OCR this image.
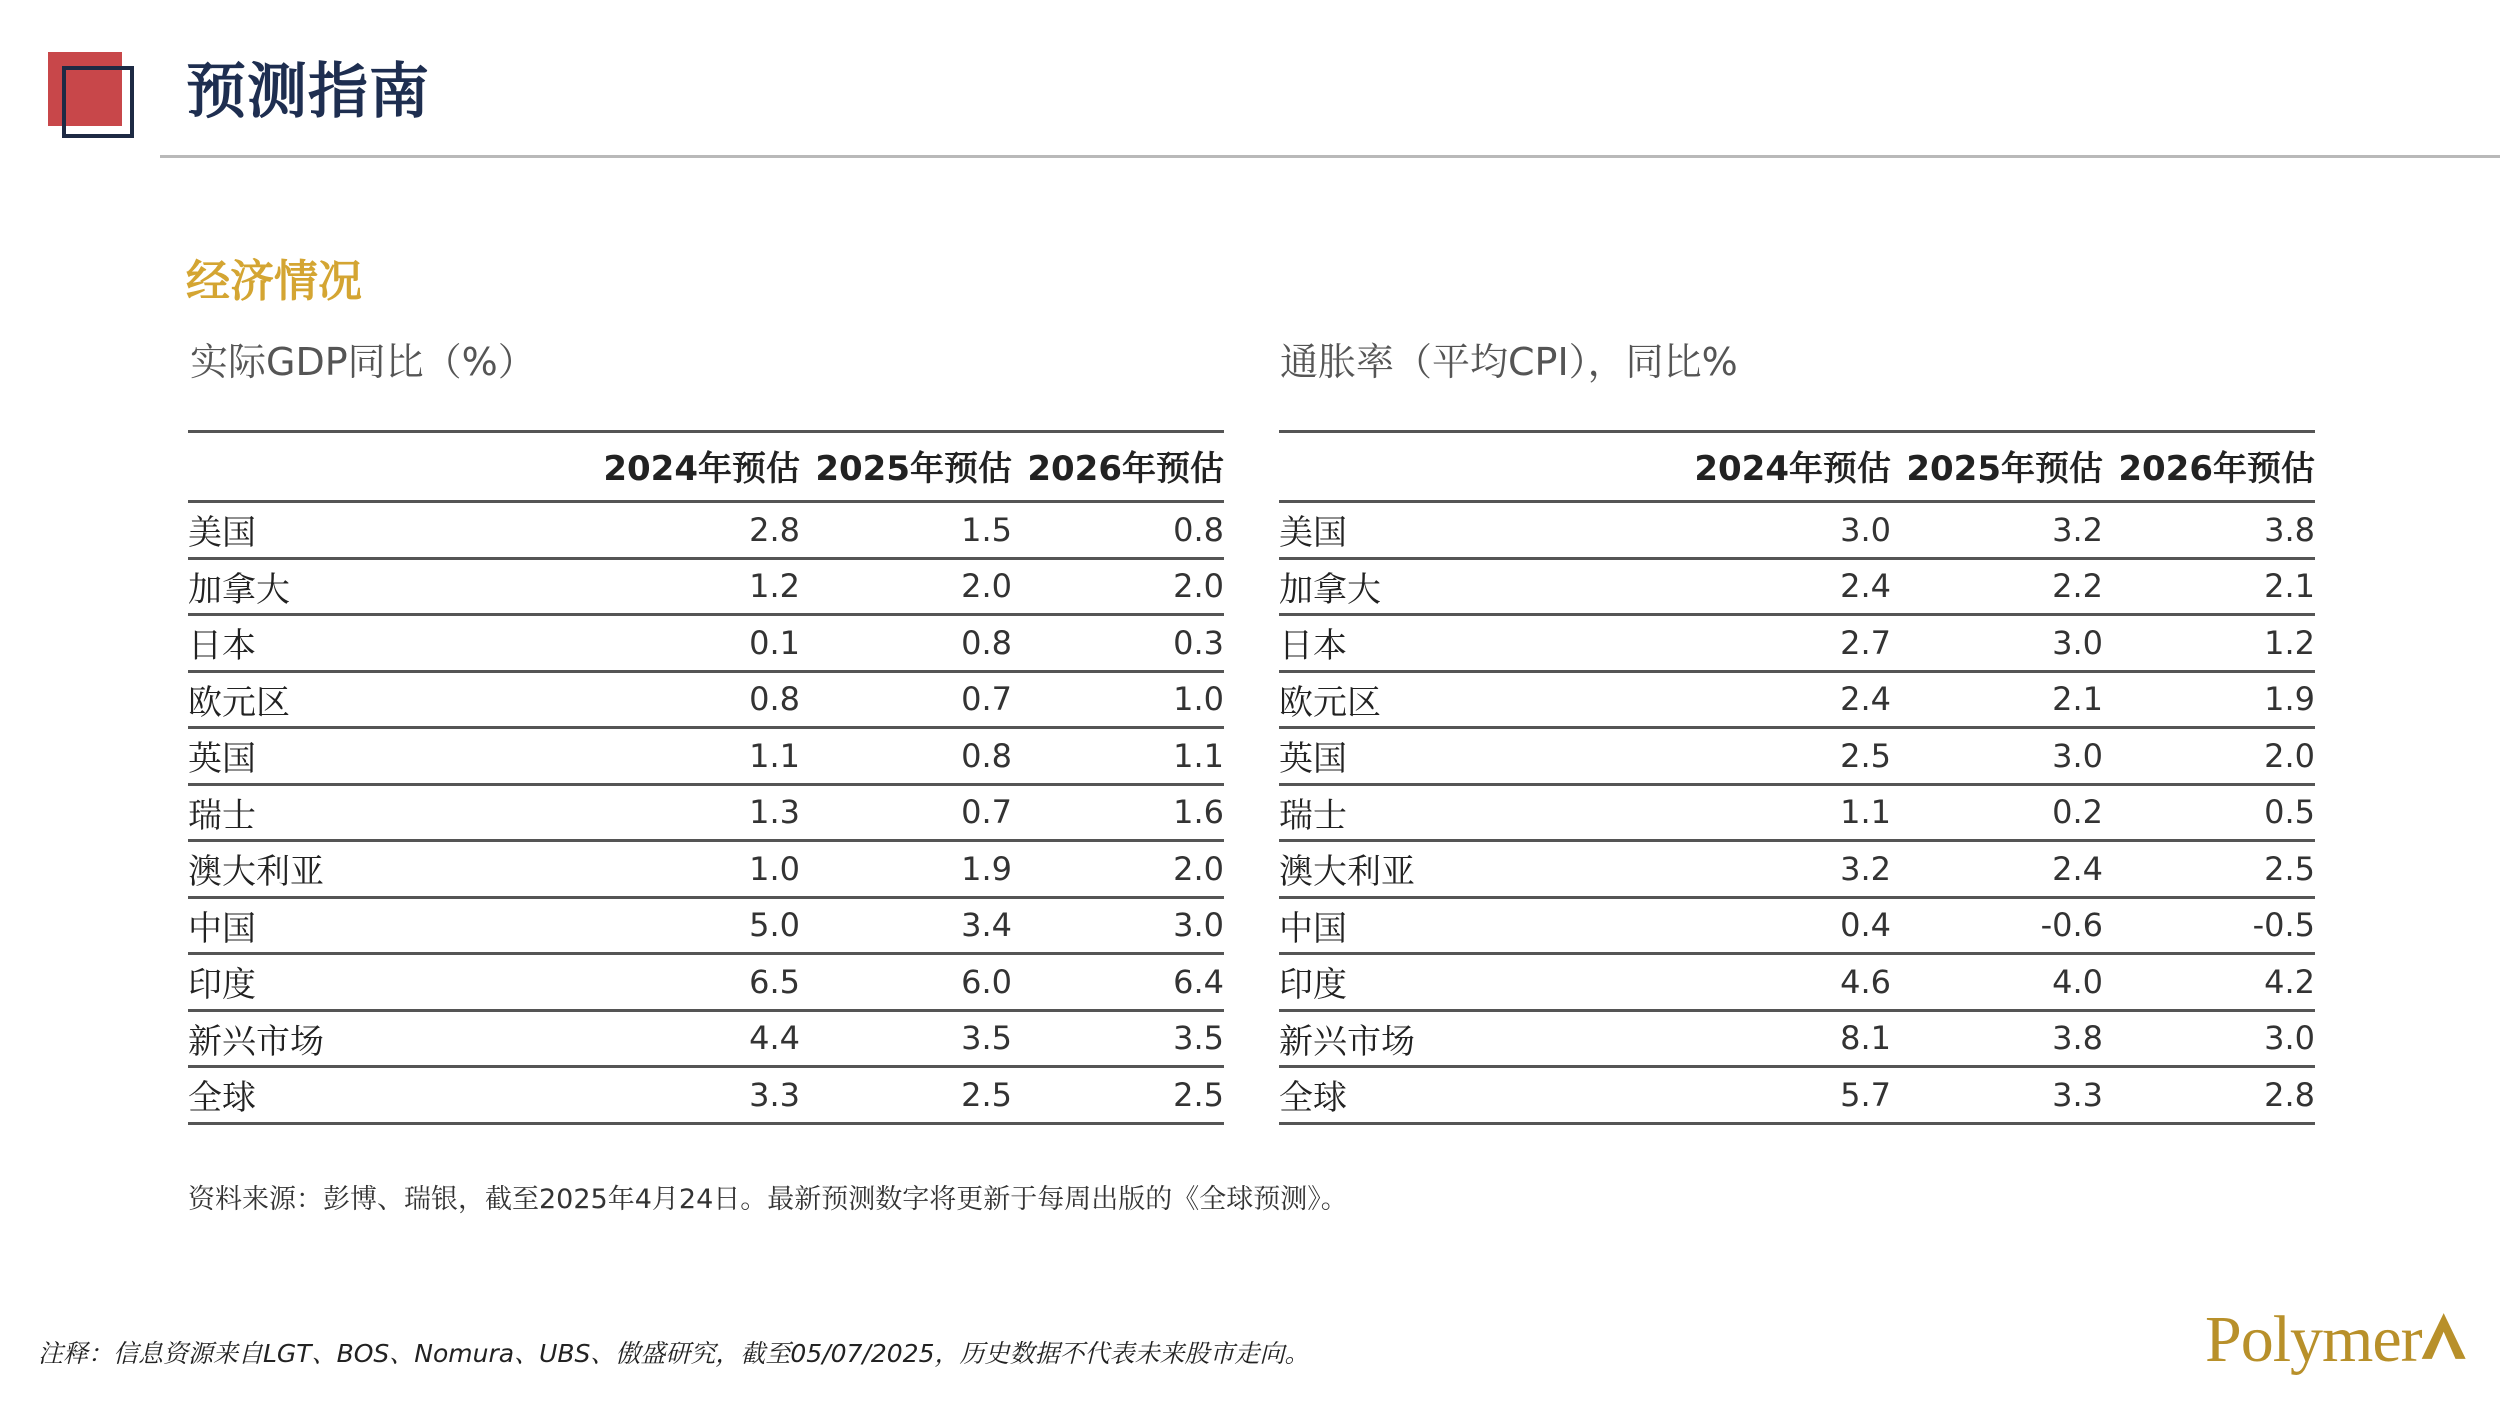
预测指南
经济情况
实际GDP同比（%）	通胀率（平均CPI），同比%
2024年预估 2025年预估 2026年预估
美国	2.8	1.5	0.8
加拿大	1.2	2.0	2.0
日本	0.1	0.8	0.3
欧元区	0.8	0.7	1.0
英国	1.1	0.8	1.1
瑞士	1.3	0.7	1.6
澳大利亚	1.0	1.9	2.0
中国	5.0	3.4	3.0
印度	6.5	6.0	6.4
新兴市场	4.4	3.5	3.5
全球	3.3	2.5	2.5
2024年预估 2025年预估 2026年预估
美国	3.0	3.2	3.8
加拿大	2.4	2.2	2.1
日本	2.7	3.0	1.2
欧元区	2.4	2.1	1.9
英国	2.5	3.0	2.0
瑞士	1.1	0.2	0.5
澳大利亚	3.2	2.4	2.5
中国	0.4	-0.6	-0.5
印度	4.6	4.0	4.2
新兴市场	8.1	3.8	3.0
全球	5.7	3.3	2.8
资料来源：彭博、瑞银，截至2025年4月24日。最新预测数字将更新于每周出版的《全球预测》。
注释：信息资源来自LGT、BOS、Nomura、UBS、傲盛研究，截至05/07/2025，历史数据不代表未来股市走向。	Polymer
